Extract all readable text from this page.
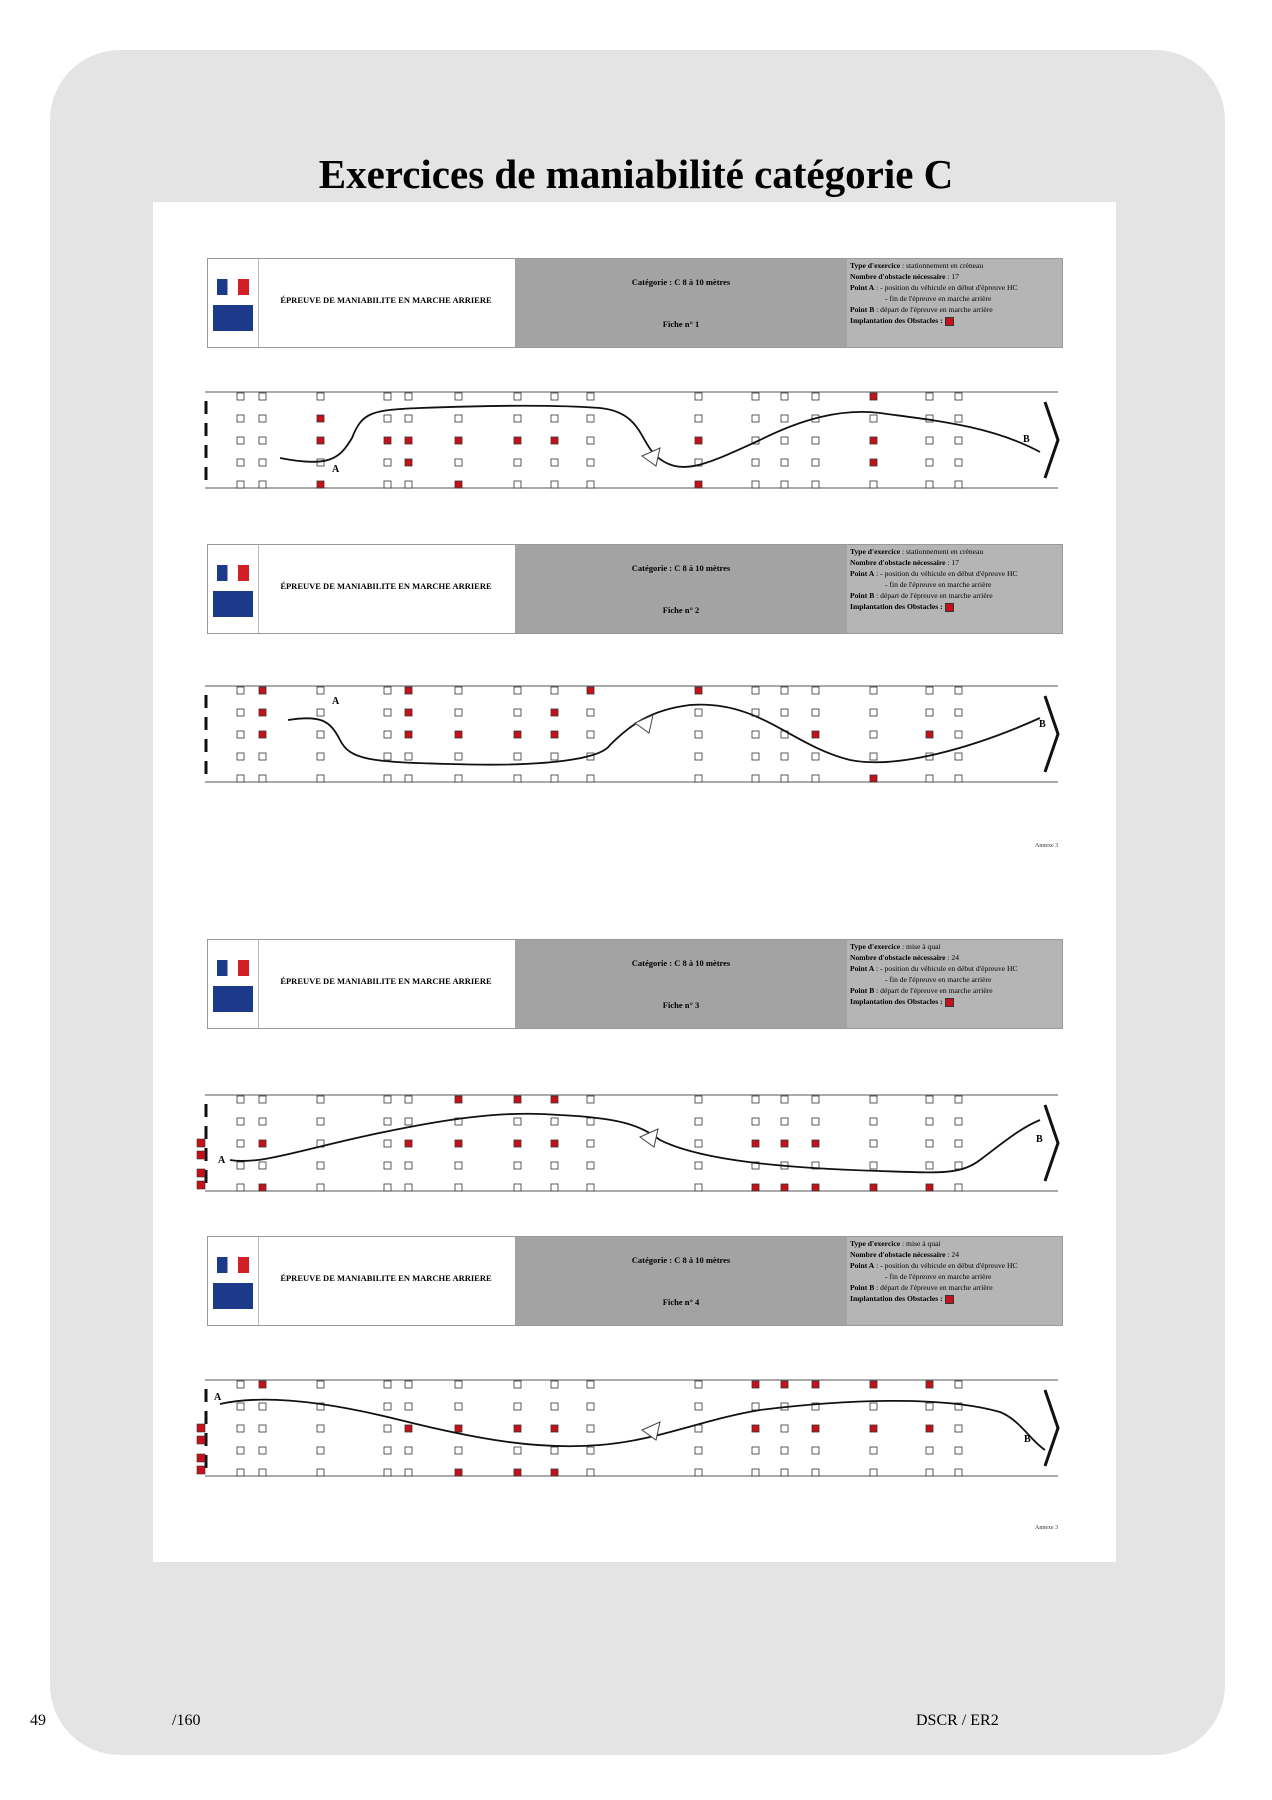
Exercices de maniabilité catégorie C
ÉPREUVE DE MANIABILITE EN MARCHE ARRIERE
Catégorie : C 8 à 10 mètres
Fiche n° 1
Type d'exercice : stationnement en créneau
Nombre d'obstacle nécessaire : 17
Point A : - position du véhicule en début d'épreuve HC
- fin de l'épreuve en marche arrière
Point B : départ de l'épreuve en marche arrière
Implantation des Obstacles :
ÉPREUVE DE MANIABILITE EN MARCHE ARRIERE
Catégorie : C 8 à 10 mètres
Fiche n° 2
Type d'exercice : stationnement en créneau
Nombre d'obstacle nécessaire : 17
Point A : - position du véhicule en début d'épreuve HC
- fin de l'épreuve en marche arrière
Point B : départ de l'épreuve en marche arrière
Implantation des Obstacles :
ÉPREUVE DE MANIABILITE EN MARCHE ARRIERE
Catégorie : C 8 à 10 mètres
Fiche n° 3
Type d'exercice : mise à quai
Nombre d'obstacle nécessaire : 24
Point A : - position du véhicule en début d'épreuve HC
- fin de l'épreuve en marche arrière
Point B : départ de l'épreuve en marche arrière
Implantation des Obstacles :
ÉPREUVE DE MANIABILITE EN MARCHE ARRIERE
Catégorie : C 8 à 10 mètres
Fiche n° 4
Type d'exercice : mise à quai
Nombre d'obstacle nécessaire : 24
Point A : - position du véhicule en début d'épreuve HC
- fin de l'épreuve en marche arrière
Point B : départ de l'épreuve en marche arrière
Implantation des Obstacles :
Annexe 3
Annexe 3
A
B
A
B
A
B
A
B
49	/160	DSCR / ER2
